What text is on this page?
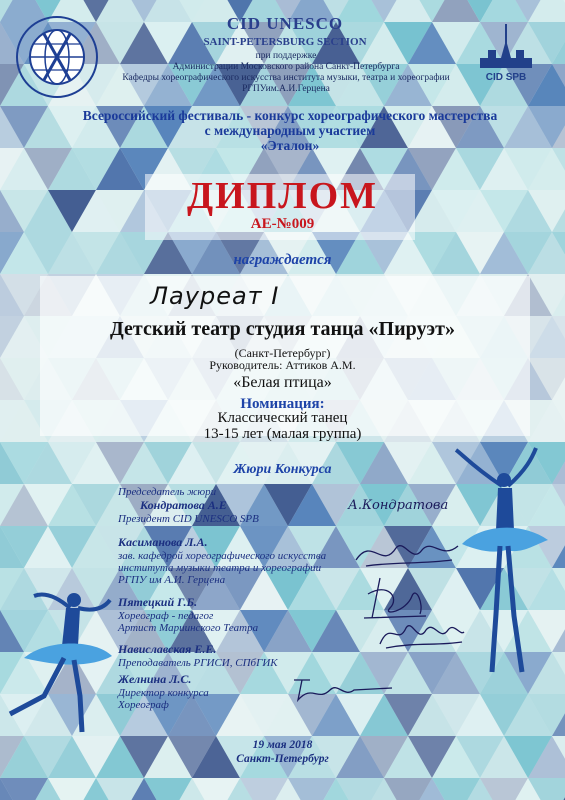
CID SPB
CID UNESCO
SAINT-PETERSBURG SECTION
при поддержке
Администрации Московского района Санкт-Петербурга
Кафедры хореографического искусства института музыки, театра и хореографии
РГПУим.А.И.Герцена
Всероссийский фестиваль - конкурс хореографического мастерства
с международным участием
«Эталон»
ДИПЛОМ
АЕ-№009
награждается
Лауреат I
Детский театр студия танца «Пируэт»
(Санкт-Петербург)
Руководитель: Аттиков А.М.
«Белая птица»
Номинация:
Классический танец
13-15 лет (малая группа)
Жюри Конкурса
Председатель жюри
Кондратова А.Е
Президент CID UNESCO SPB
Касиманова Л.А.
зав. кафедрой хореографического искусства
института музыки театра и хореографии
РГПУ им А.И. Герцена
Пятецкий Г.Б.
Хореограф - педагог
Артист Мариинского Театра
Навиславская Е.Е.
Преподаватель РГИСИ, СПбГИК
Желнина Л.С.
Директор конкурса
Хореограф
А.Кондратова
19 мая 2018
Санкт-Петербург
